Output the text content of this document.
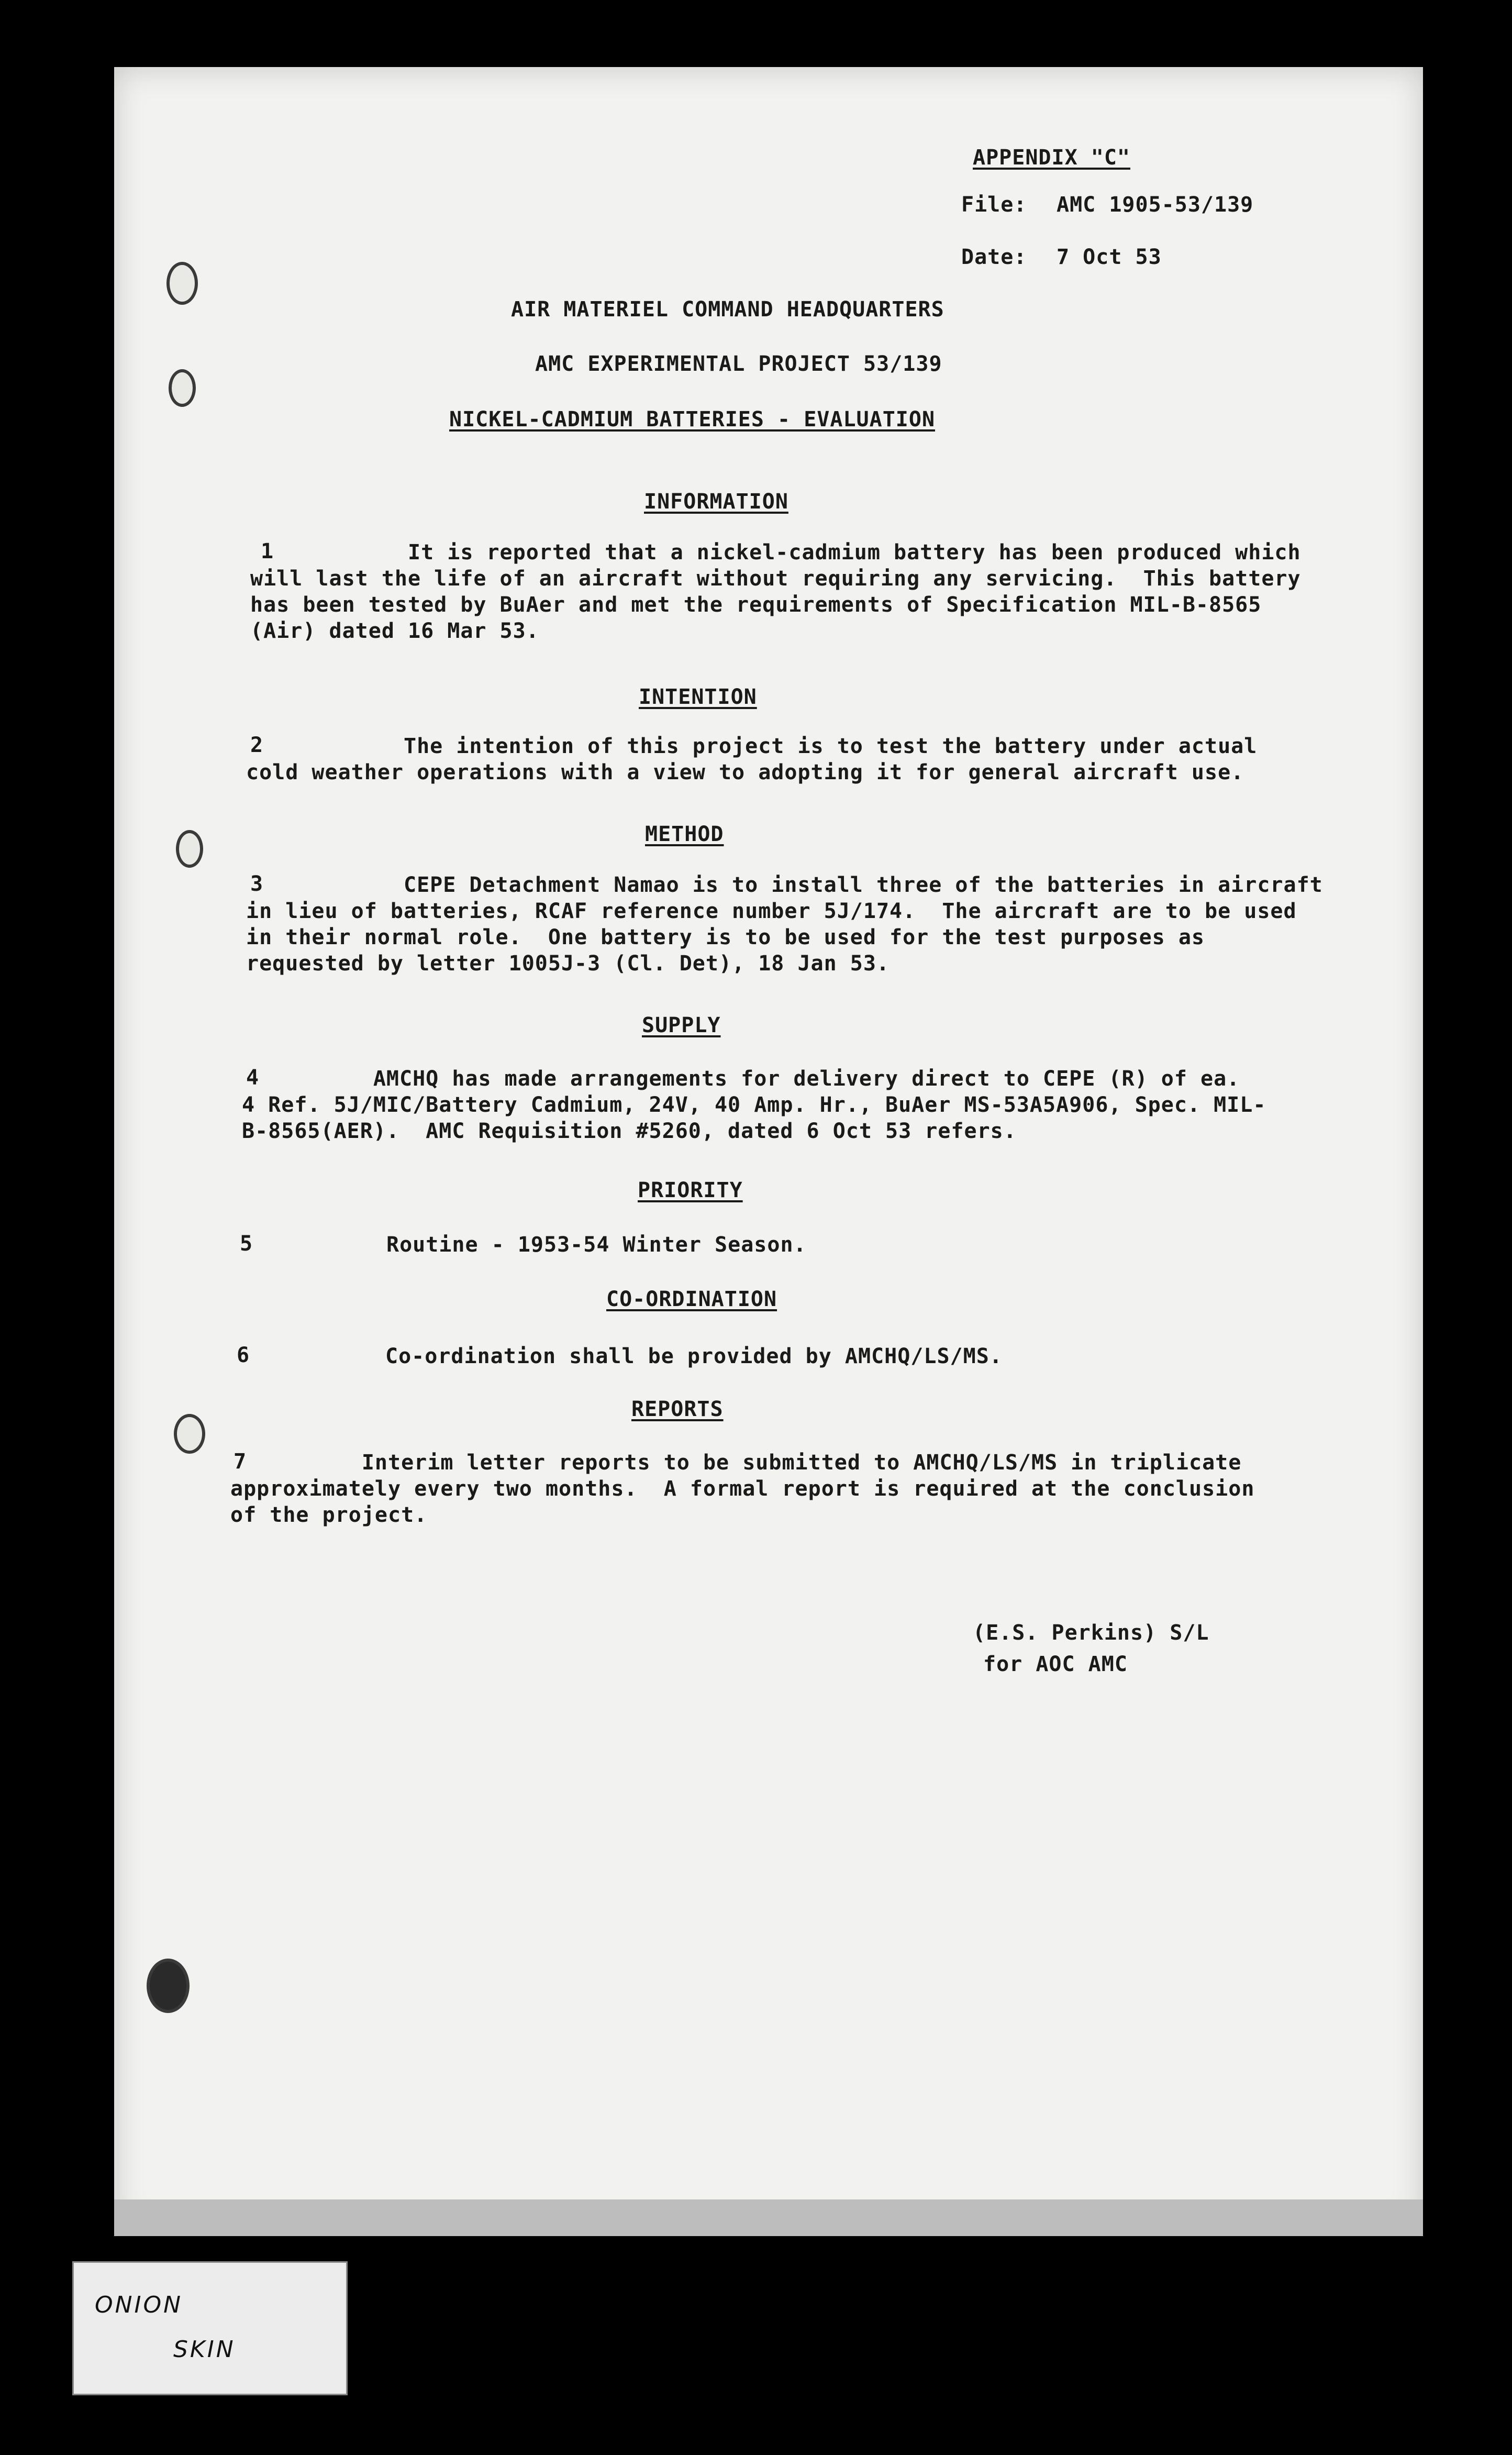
APPENDIX "C"
File: AMC 1905-53/139
Date: 7 Oct 53
AIR MATERIEL COMMAND HEADQUARTERS
AMC EXPERIMENTAL PROJECT 53/139
NICKEL-CADMIUM BATTERIES - EVALUATION
INFORMATION
1	It is reported that a nickel-cadmium battery has been produced which
will last the life of an aircraft without requiring any servicing.  This battery
has been tested by BuAer and met the requirements of Specification MIL-B-8565
(Air) dated 16 Mar 53.
INTENTION
2	The intention of this project is to test the battery under actual
cold weather operations with a view to adopting it for general aircraft use.
METHOD
3	CEPE Detachment Namao is to install three of the batteries in aircraft
in lieu of batteries, RCAF reference number 5J/174.  The aircraft are to be used
in their normal role.  One battery is to be used for the test purposes as
requested by letter 1005J-3 (Cl. Det), 18 Jan 53.
SUPPLY
4	AMCHQ has made arrangements for delivery direct to CEPE (R) of ea.
4 Ref. 5J/MIC/Battery Cadmium, 24V, 40 Amp. Hr., BuAer MS-53A5A906, Spec. MIL-
B-8565(AER).  AMC Requisition #5260, dated 6 Oct 53 refers.
PRIORITY
5	Routine - 1953-54 Winter Season.
CO-ORDINATION
6	Co-ordination shall be provided by AMCHQ/LS/MS.
REPORTS
7	Interim letter reports to be submitted to AMCHQ/LS/MS in triplicate
approximately every two months.  A formal report is required at the conclusion
of the project.
(E.S. Perkins) S/L
for AOC AMC
ONION
SKIN
